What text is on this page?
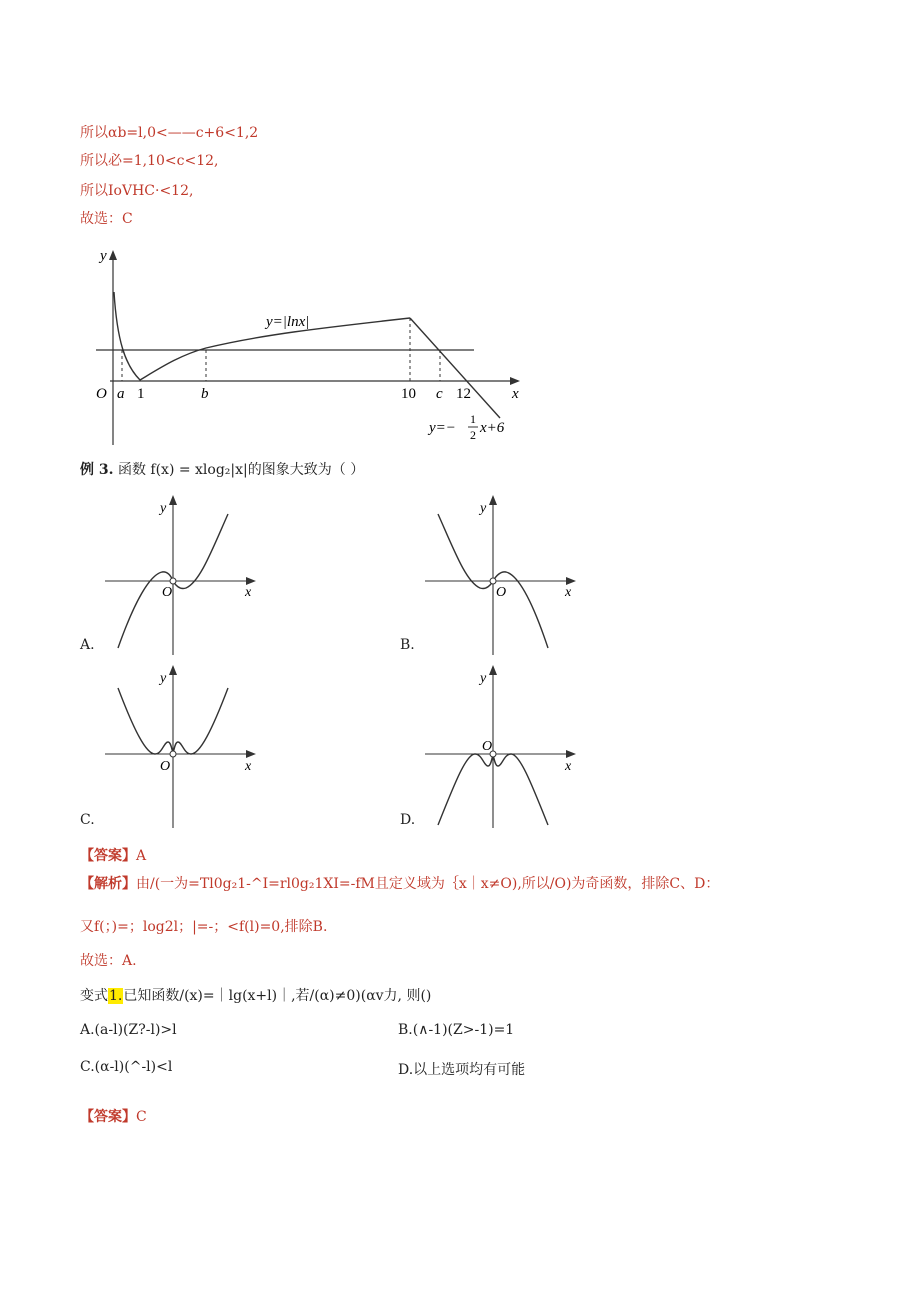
所以αb=l,0<——c+6<1,2
所以必=1,10<c<12,
所以IoVHC·<12,
故选：C
y
x
O a 1	b	10 c 12
y=|lnx|
y=−
1
2 x+6
例 3. 函数 f(x) = xlog₂|x|的图象大致为（ ）
y
x
O
A.
y
x
O
B.
y
x
O
C.
y
x
O
D.
【答案】A
【解析】由/(一为=Tl0g₂1-^I=rl0g₂1XI=-fM且定义域为｛x｜x≠O),所以/O)为奇函数，排除C、D：
又f(；)=；log2l；|=-；<f(l)=0,排除B.
故选：A.
变式1.已知函数/(x)=｜lg(x+l)｜,若/(α)≠0)(αv力, 则()
A.(a-l)(Z?-l)>l	B.(∧-1)(Z>-1)=1
C.(α-l)(^-l)<l	D.以上选项均有可能
【答案】C
